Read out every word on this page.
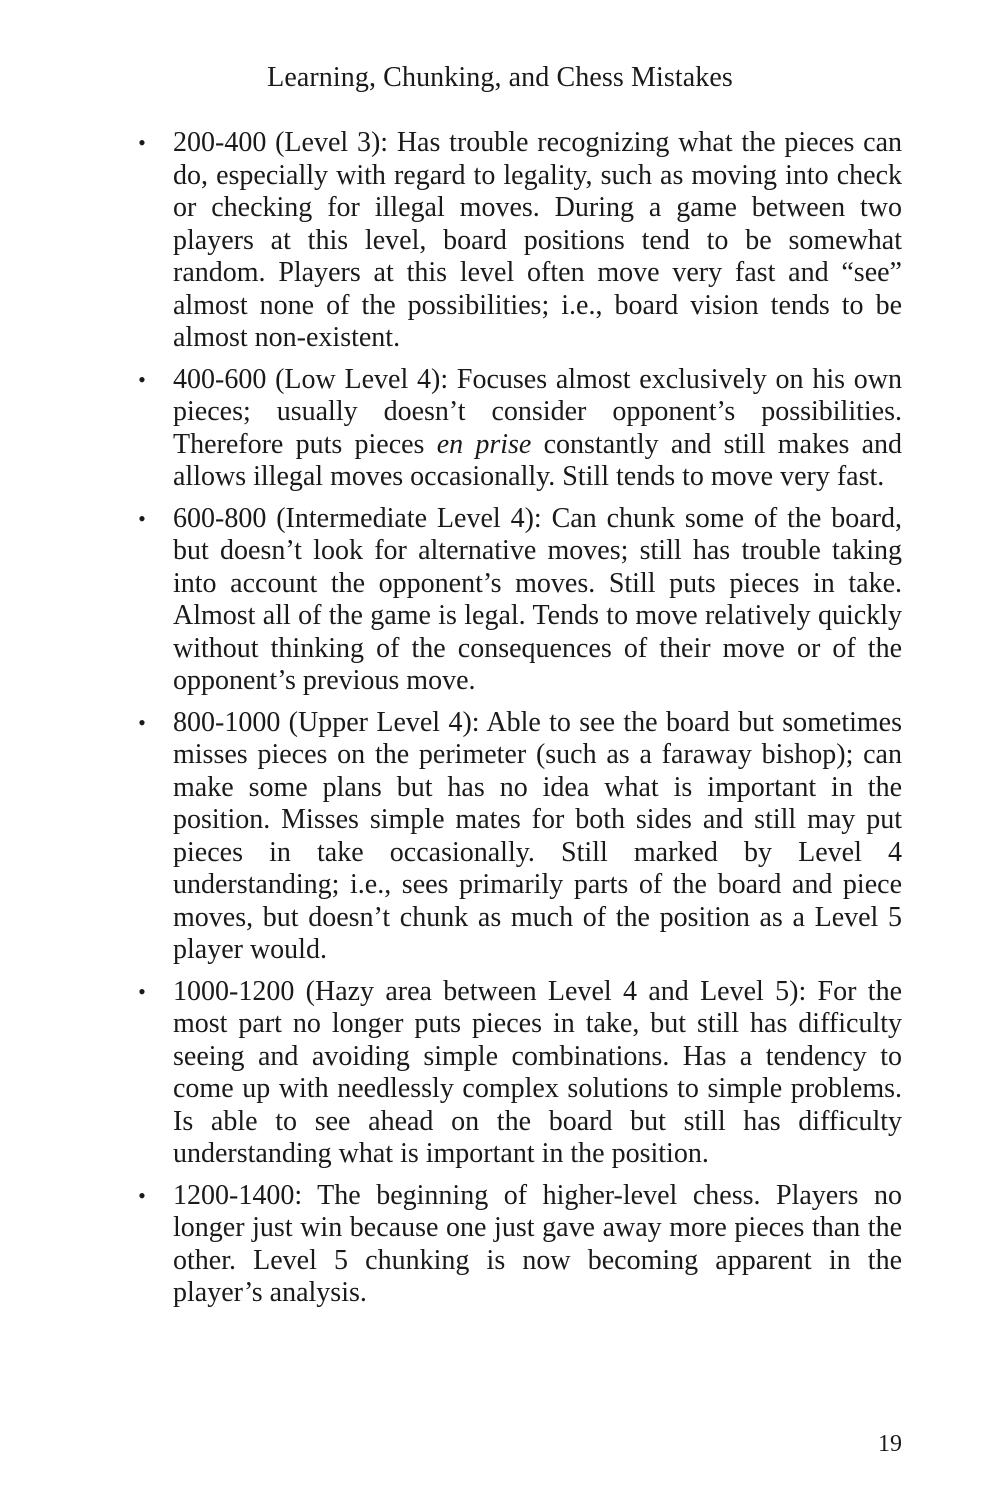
Learning, Chunking, and Chess Mistakes
• 200-400 (Level 3): Has trouble recognizing what the pieces can do, especially with regard to legality, such as moving into check or checking for illegal moves. During a game between two players at this level, board positions tend to be somewhat random. Players at this level often move very fast and “see” almost none of the possibilities; i.e., board vision tends to be almost non-existent.
• 400-600 (Low Level 4): Focuses almost exclusively on his own pieces; usually doesn’t consider opponent’s possibilities. Therefore puts pieces en prise constantly and still makes and allows illegal moves occasionally. Still tends to move very fast.
• 600-800 (Intermediate Level 4): Can chunk some of the board, but doesn’t look for alternative moves; still has trouble taking into account the opponent’s moves. Still puts pieces in take. Almost all of the game is legal. Tends to move relatively quickly without thinking of the consequences of their move or of the opponent’s previous move.
• 800-1000 (Upper Level 4): Able to see the board but sometimes misses pieces on the perimeter (such as a faraway bishop); can make some plans but has no idea what is important in the position. Misses simple mates for both sides and still may put pieces in take occasionally. Still marked by Level 4 understanding; i.e., sees primarily parts of the board and piece moves, but doesn’t chunk as much of the position as a Level 5 player would.
• 1000-1200 (Hazy area between Level 4 and Level 5): For the most part no longer puts pieces in take, but still has difficulty seeing and avoiding simple combinations. Has a tendency to come up with needlessly complex solutions to simple problems. Is able to see ahead on the board but still has difficulty understanding what is important in the position.
• 1200-1400: The beginning of higher-level chess. Players no longer just win because one just gave away more pieces than the other. Level 5 chunking is now becoming apparent in the player’s analysis.
19
